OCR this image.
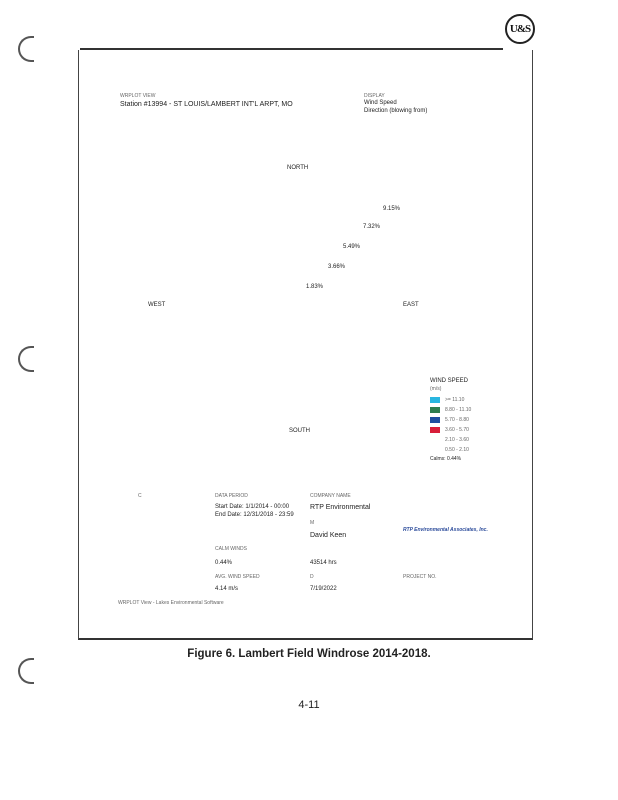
U&S
WRPLOT VIEW
Station #13994 - ST LOUIS/LAMBERT INT'L ARPT, MO
DISPLAY
Wind Speed
Direction (blowing from)
NORTH
SOUTH
WEST	EAST
9.15%
7.32%
5.49%
3.66%
1.83%
WIND SPEED
(m/s)
>= 11.10
8.80 - 11.10
5.70 - 8.80
3.60 - 5.70
2.10 - 3.60
0.50 - 2.10
Calms: 0.44%
C	DATA PERIOD
Start Date: 1/1/2014 - 00:00
End Date: 12/31/2018 - 23:59
COMPANY NAME
RTP Environmental
M
David Keen
RTP Environmental Associates, Inc.
CALM WINDS
0.44%	43514 hrs
AVG. WIND SPEED	D	PROJECT NO.
4.14 m/s	7/19/2022
WRPLOT View - Lakes Environmental Software
Figure 6. Lambert Field Windrose 2014-2018.
4-11
